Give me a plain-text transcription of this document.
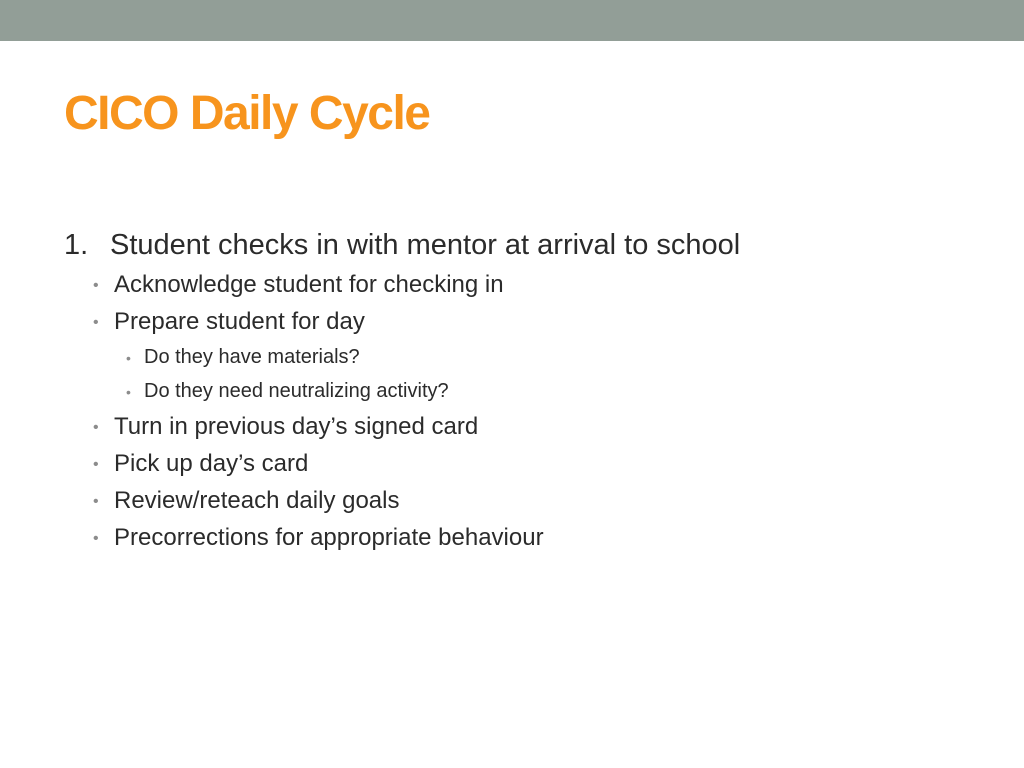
CICO Daily Cycle
1. Student checks in with mentor at arrival to school
• Acknowledge student for checking in
• Prepare student for day
• Do they have materials?
• Do they need neutralizing activity?
• Turn in previous day’s signed card
• Pick up day’s card
• Review/reteach daily goals
• Precorrections for appropriate behaviour
